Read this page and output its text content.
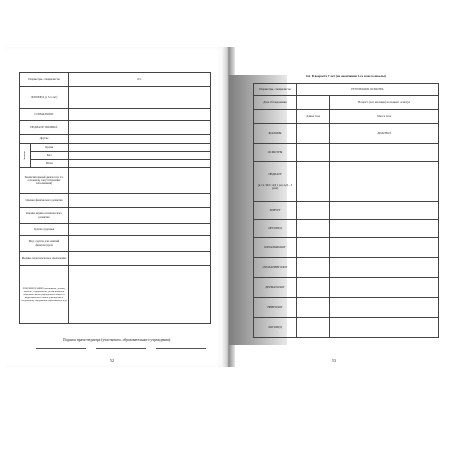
Параметры, специалисты		6.5.
ЛОГОПЕД (с 3-х лет)		
СТОМАТОЛОГ		
ПЕДИАТР/ ПОЛИКЛ.		
Другие		
Анализы	Крови	
	Кал	
	Мочи	
Заключительный диагноз (в т.ч. основной, сопутствующие заболевания)		
Оценка физического развития		
Оценка нервно-психического развития		
Группа здоровья		
Мед. группа для занятий физкультурой		
Медико-педагогическое заключение		
РЕКОМЕНДАЦИИ (закаливание, режим, питание, оздоровление, реабилитация в образовательных учреждениях общего и коррекционного типов; учреждения к следующему содержанию образования в д/у)		
Подпись врача-педиатра (участкового, образовательного учреждения):
52
6.6. В возрасте 7 лет (по окончании 1-го класса школы)
Параметры, специалисты	РЕЗУЛЬТАТЫ ОСМОТРА	
Дата обследования		Возраст (лет, месяцев) на момент осмотра
	Длина тела	Масса тела
ЖАЛОБЫ		ДИАГНОЗ
ОСМОТРЫ		

ПЕДИАТР
(в т.ч. ЧСС АД 1 раз АД – 3 раза)		

ХИРУРГ		
ОРТОПЕД		
ОФТАЛЬМОЛОГ		
ОТОЛАРИНГОЛОГ		
ДЕРМАТОЛОГ		
НЕВРОЛОГ		
ЛОГОПЕД		
53
